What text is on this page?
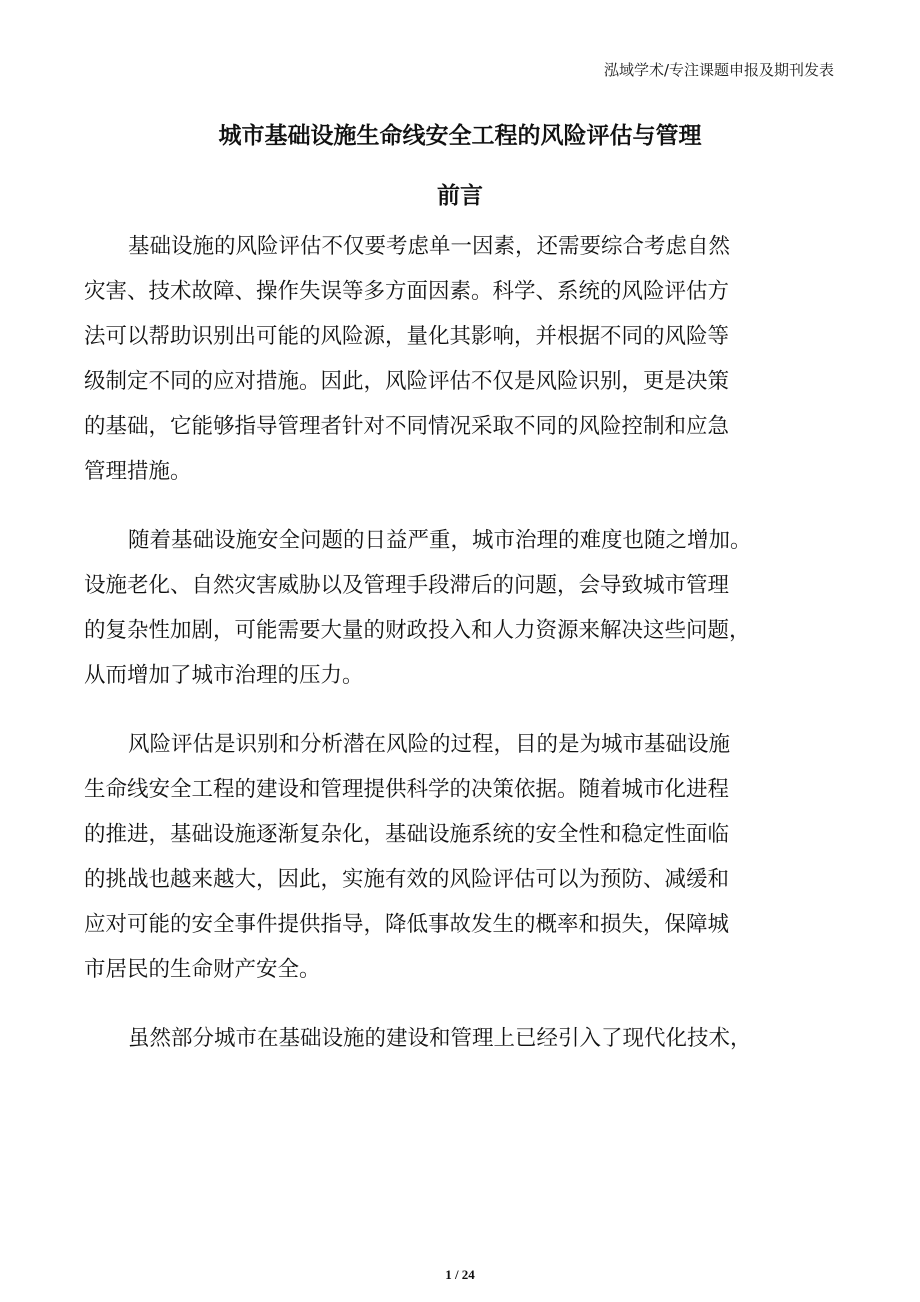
泓域学术/专注课题申报及期刊发表
城市基础设施生命线安全工程的风险评估与管理
前言

基础设施的风险评估不仅要考虑单一因素，还需要综合考虑自然
灾害、技术故障、操作失误等多方面因素。科学、系统的风险评估方
法可以帮助识别出可能的风险源，量化其影响，并根据不同的风险等
级制定不同的应对措施。因此，风险评估不仅是风险识别，更是决策
的基础，它能够指导管理者针对不同情况采取不同的风险控制和应急
管理措施。

随着基础设施安全问题的日益严重，城市治理的难度也随之增加。
设施老化、自然灾害威胁以及管理手段滞后的问题，会导致城市管理
的复杂性加剧，可能需要大量的财政投入和人力资源来解决这些问题，
从而增加了城市治理的压力。

风险评估是识别和分析潜在风险的过程，目的是为城市基础设施
生命线安全工程的建设和管理提供科学的决策依据。随着城市化进程
的推进，基础设施逐渐复杂化，基础设施系统的安全性和稳定性面临
的挑战也越来越大，因此，实施有效的风险评估可以为预防、减缓和
应对可能的安全事件提供指导，降低事故发生的概率和损失，保障城
市居民的生命财产安全。

虽然部分城市在基础设施的建设和管理上已经引入了现代化技术，

1 / 24
